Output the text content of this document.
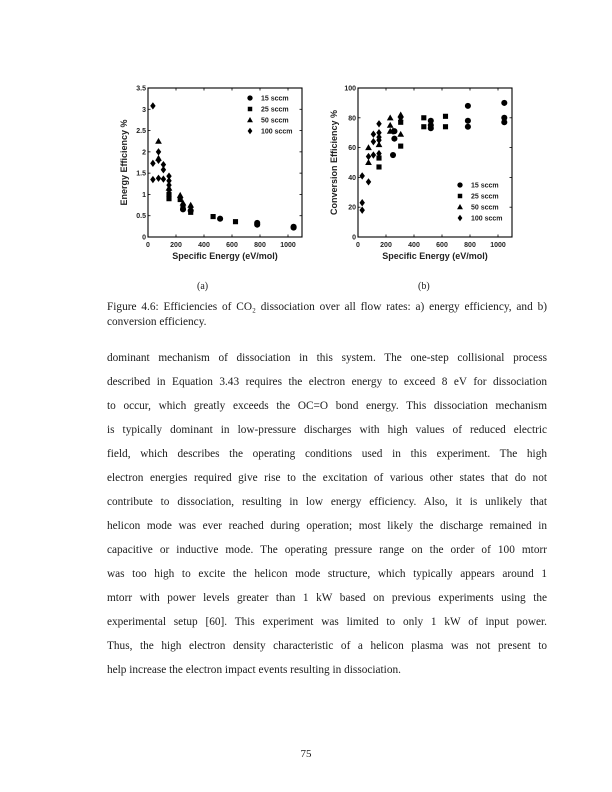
0	200 400 600 800 1000
0
0.5
1
1.5
2
2.5
3
3.5
Specific Energy (eV/mol)
Energy Efficiency %
15 sccm
25 sccm
50 sccm
100 sccm
0	200 400 600 800 1000
0
20
40
60
80
100
Specific Energy (eV/mol)
Conversion Efficiency %	15 sccm
25 sccm
50 sccm
100 sccm
(a)	(b)
Figure 4.6: Efficiencies of CO₂ dissociation over all flow rates: a) energy efficiency, and b) conversion efficiency.
dominant mechanism of dissociation in this system. The one-step collisional process
described in Equation 3.43 requires the electron energy to exceed 8 eV for dissociation
to occur, which greatly exceeds the OC=O bond energy. This dissociation mechanism
is typically dominant in low-pressure discharges with high values of reduced electric
field, which describes the operating conditions used in this experiment. The high
electron energies required give rise to the excitation of various other states that do not
contribute to dissociation, resulting in low energy efficiency. Also, it is unlikely that
helicon mode was ever reached during operation; most likely the discharge remained in
capacitive or inductive mode. The operating pressure range on the order of 100 mtorr
was too high to excite the helicon mode structure, which typically appears around 1
mtorr with power levels greater than 1 kW based on previous experiments using the
experimental setup [60]. This experiment was limited to only 1 kW of input power.
Thus, the high electron density characteristic of a helicon plasma was not present to
help increase the electron impact events resulting in dissociation.
75
